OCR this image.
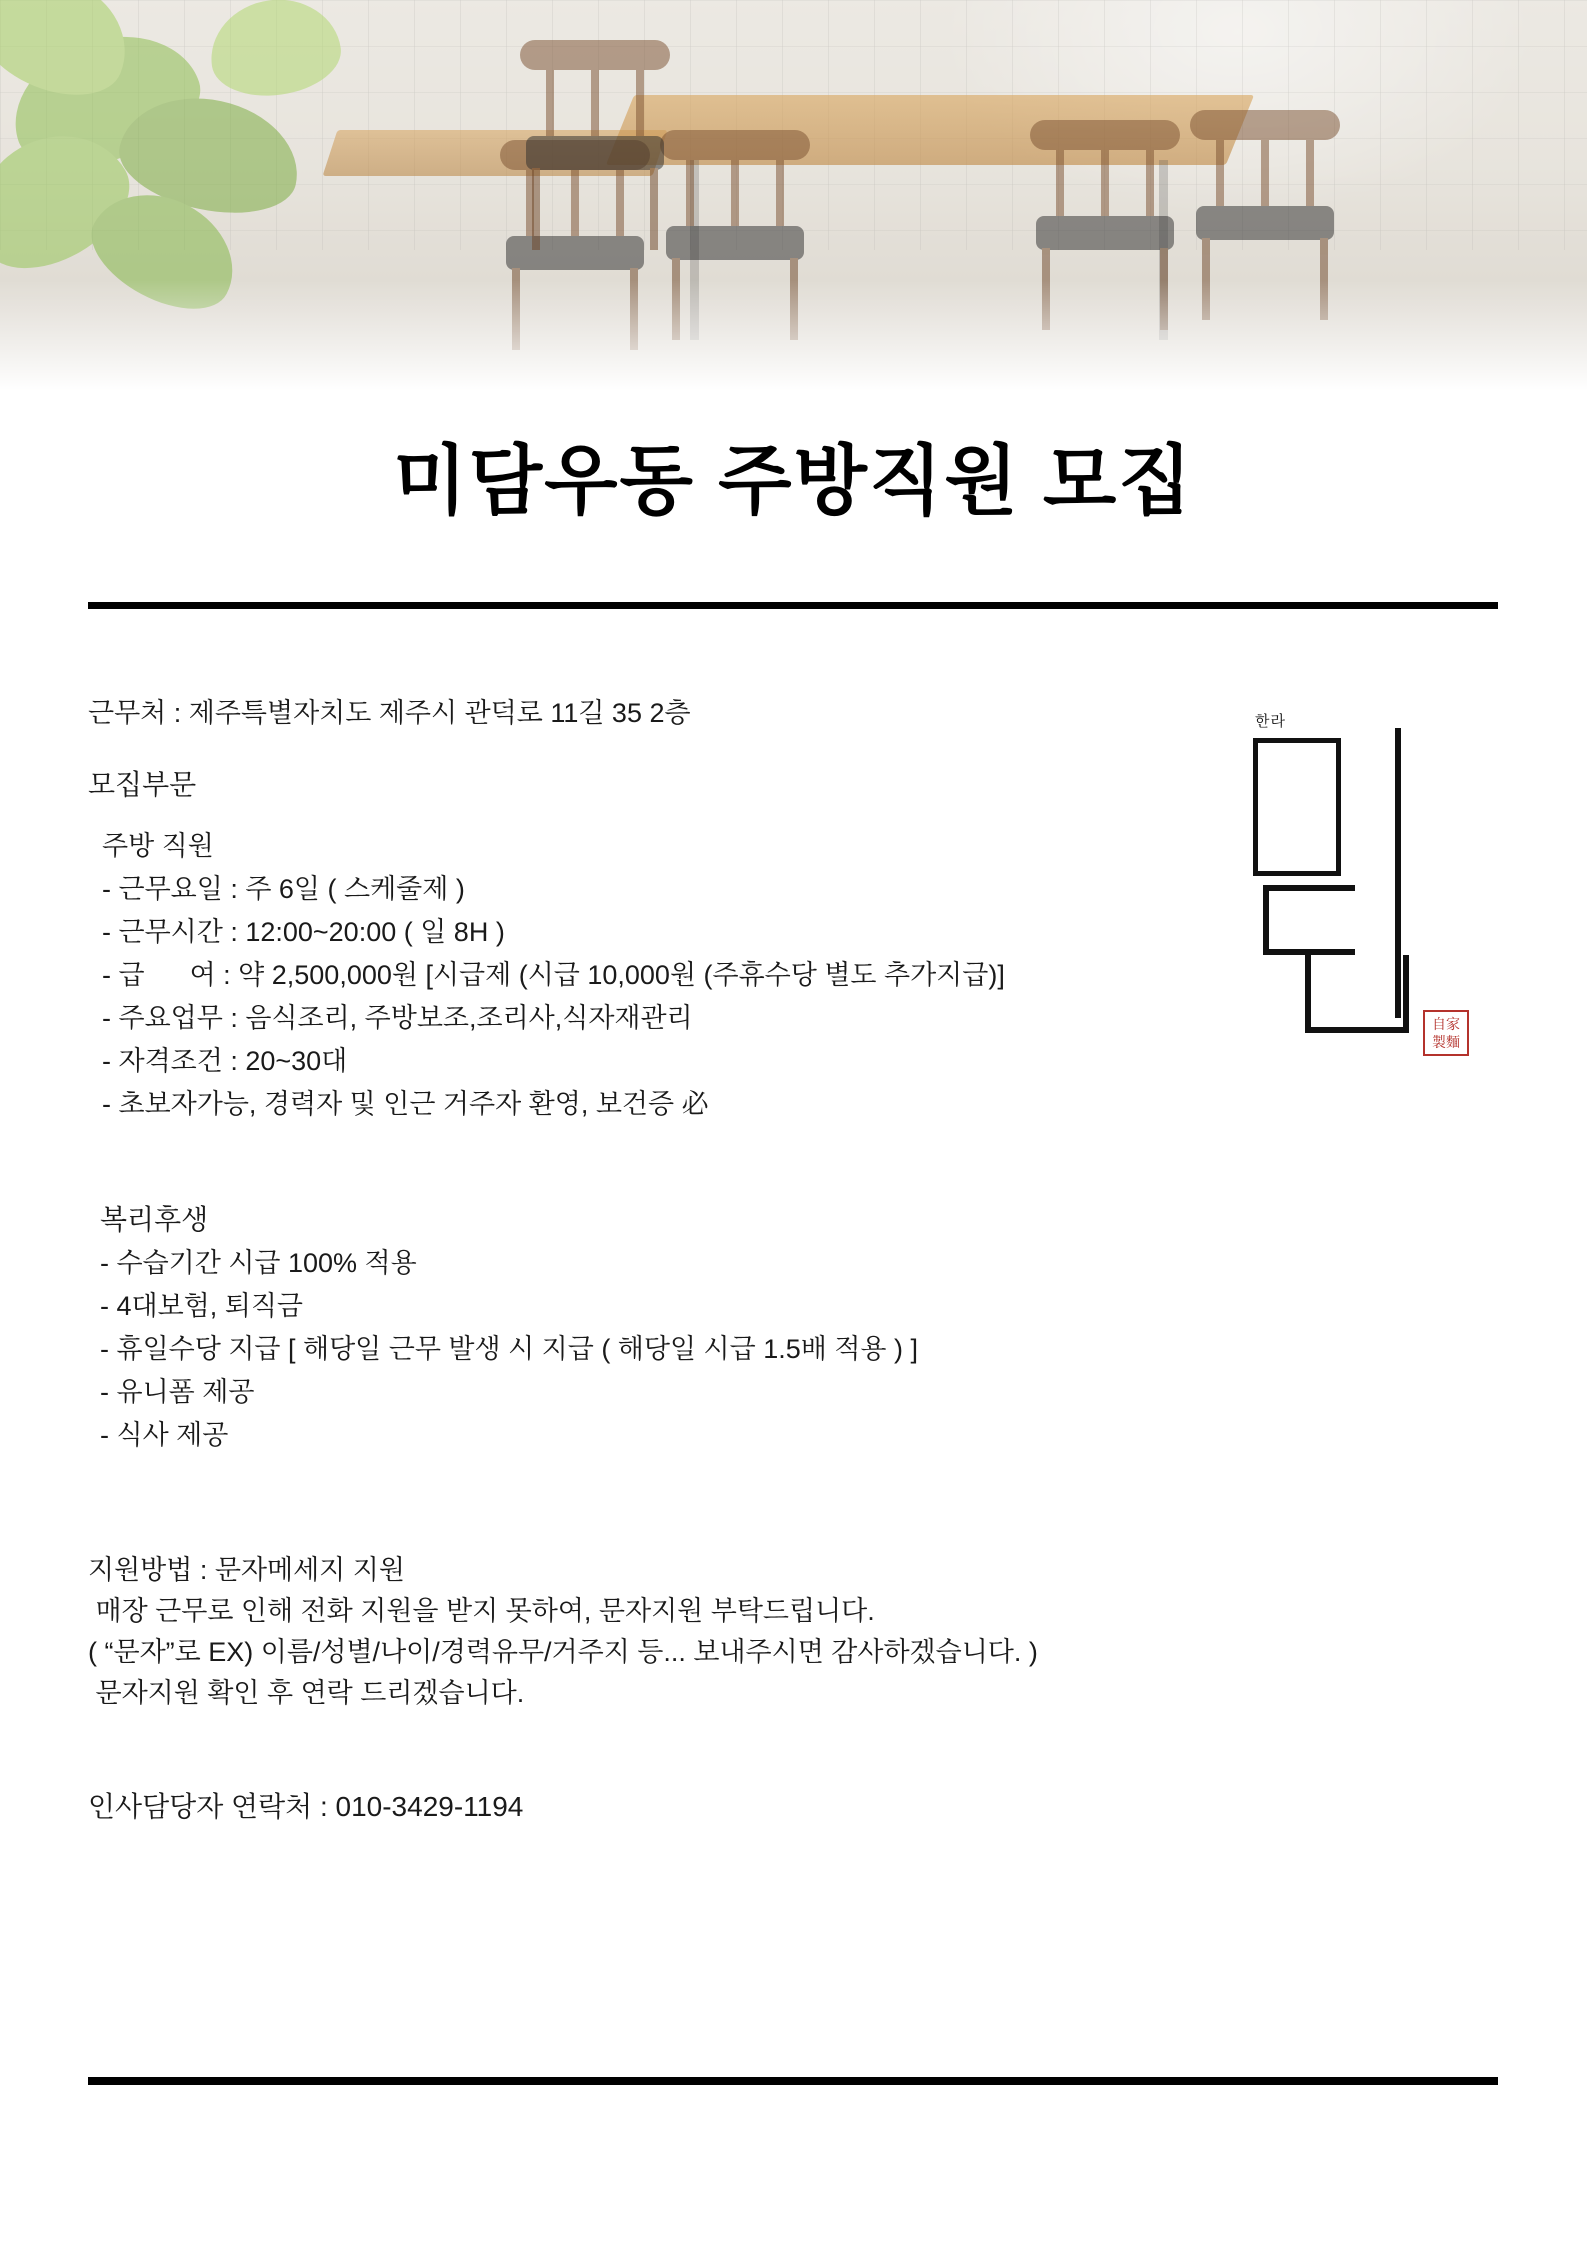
미담우동 주방직원 모집
근무처 : 제주특별자치도 제주시 관덕로 11길 35 2층
모집부문
주방 직원
- 근무요일 : 주 6일 ( 스케줄제 )
- 근무시간 : 12:00~20:00 ( 일 8H )
- 급      여 : 약 2,500,000원 [시급제 (시급 10,000원 (주휴수당 별도 추가지급)]
- 주요업무 : 음식조리, 주방보조,조리사,식자재관리
- 자격조건 : 20~30대
- 초보자가능, 경력자 및 인근 거주자 환영, 보건증 必
복리후생
- 수습기간 시급 100% 적용
- 4대보험, 퇴직금
- 휴일수당 지급 [ 해당일 근무 발생 시 지급 ( 해당일 시급 1.5배 적용 ) ]
- 유니폼 제공
- 식사 제공
지원방법 : 문자메세지 지원
매장 근무로 인해 전화 지원을 받지 못하여, 문자지원 부탁드립니다.
( “문자”로 EX) 이름/성별/나이/경력유무/거주지 등... 보내주시면 감사하겠습니다. )
문자지원 확인 후 연락 드리겠습니다.
인사담당자 연락처 : 010-3429-1194
한라
自家
製麵
